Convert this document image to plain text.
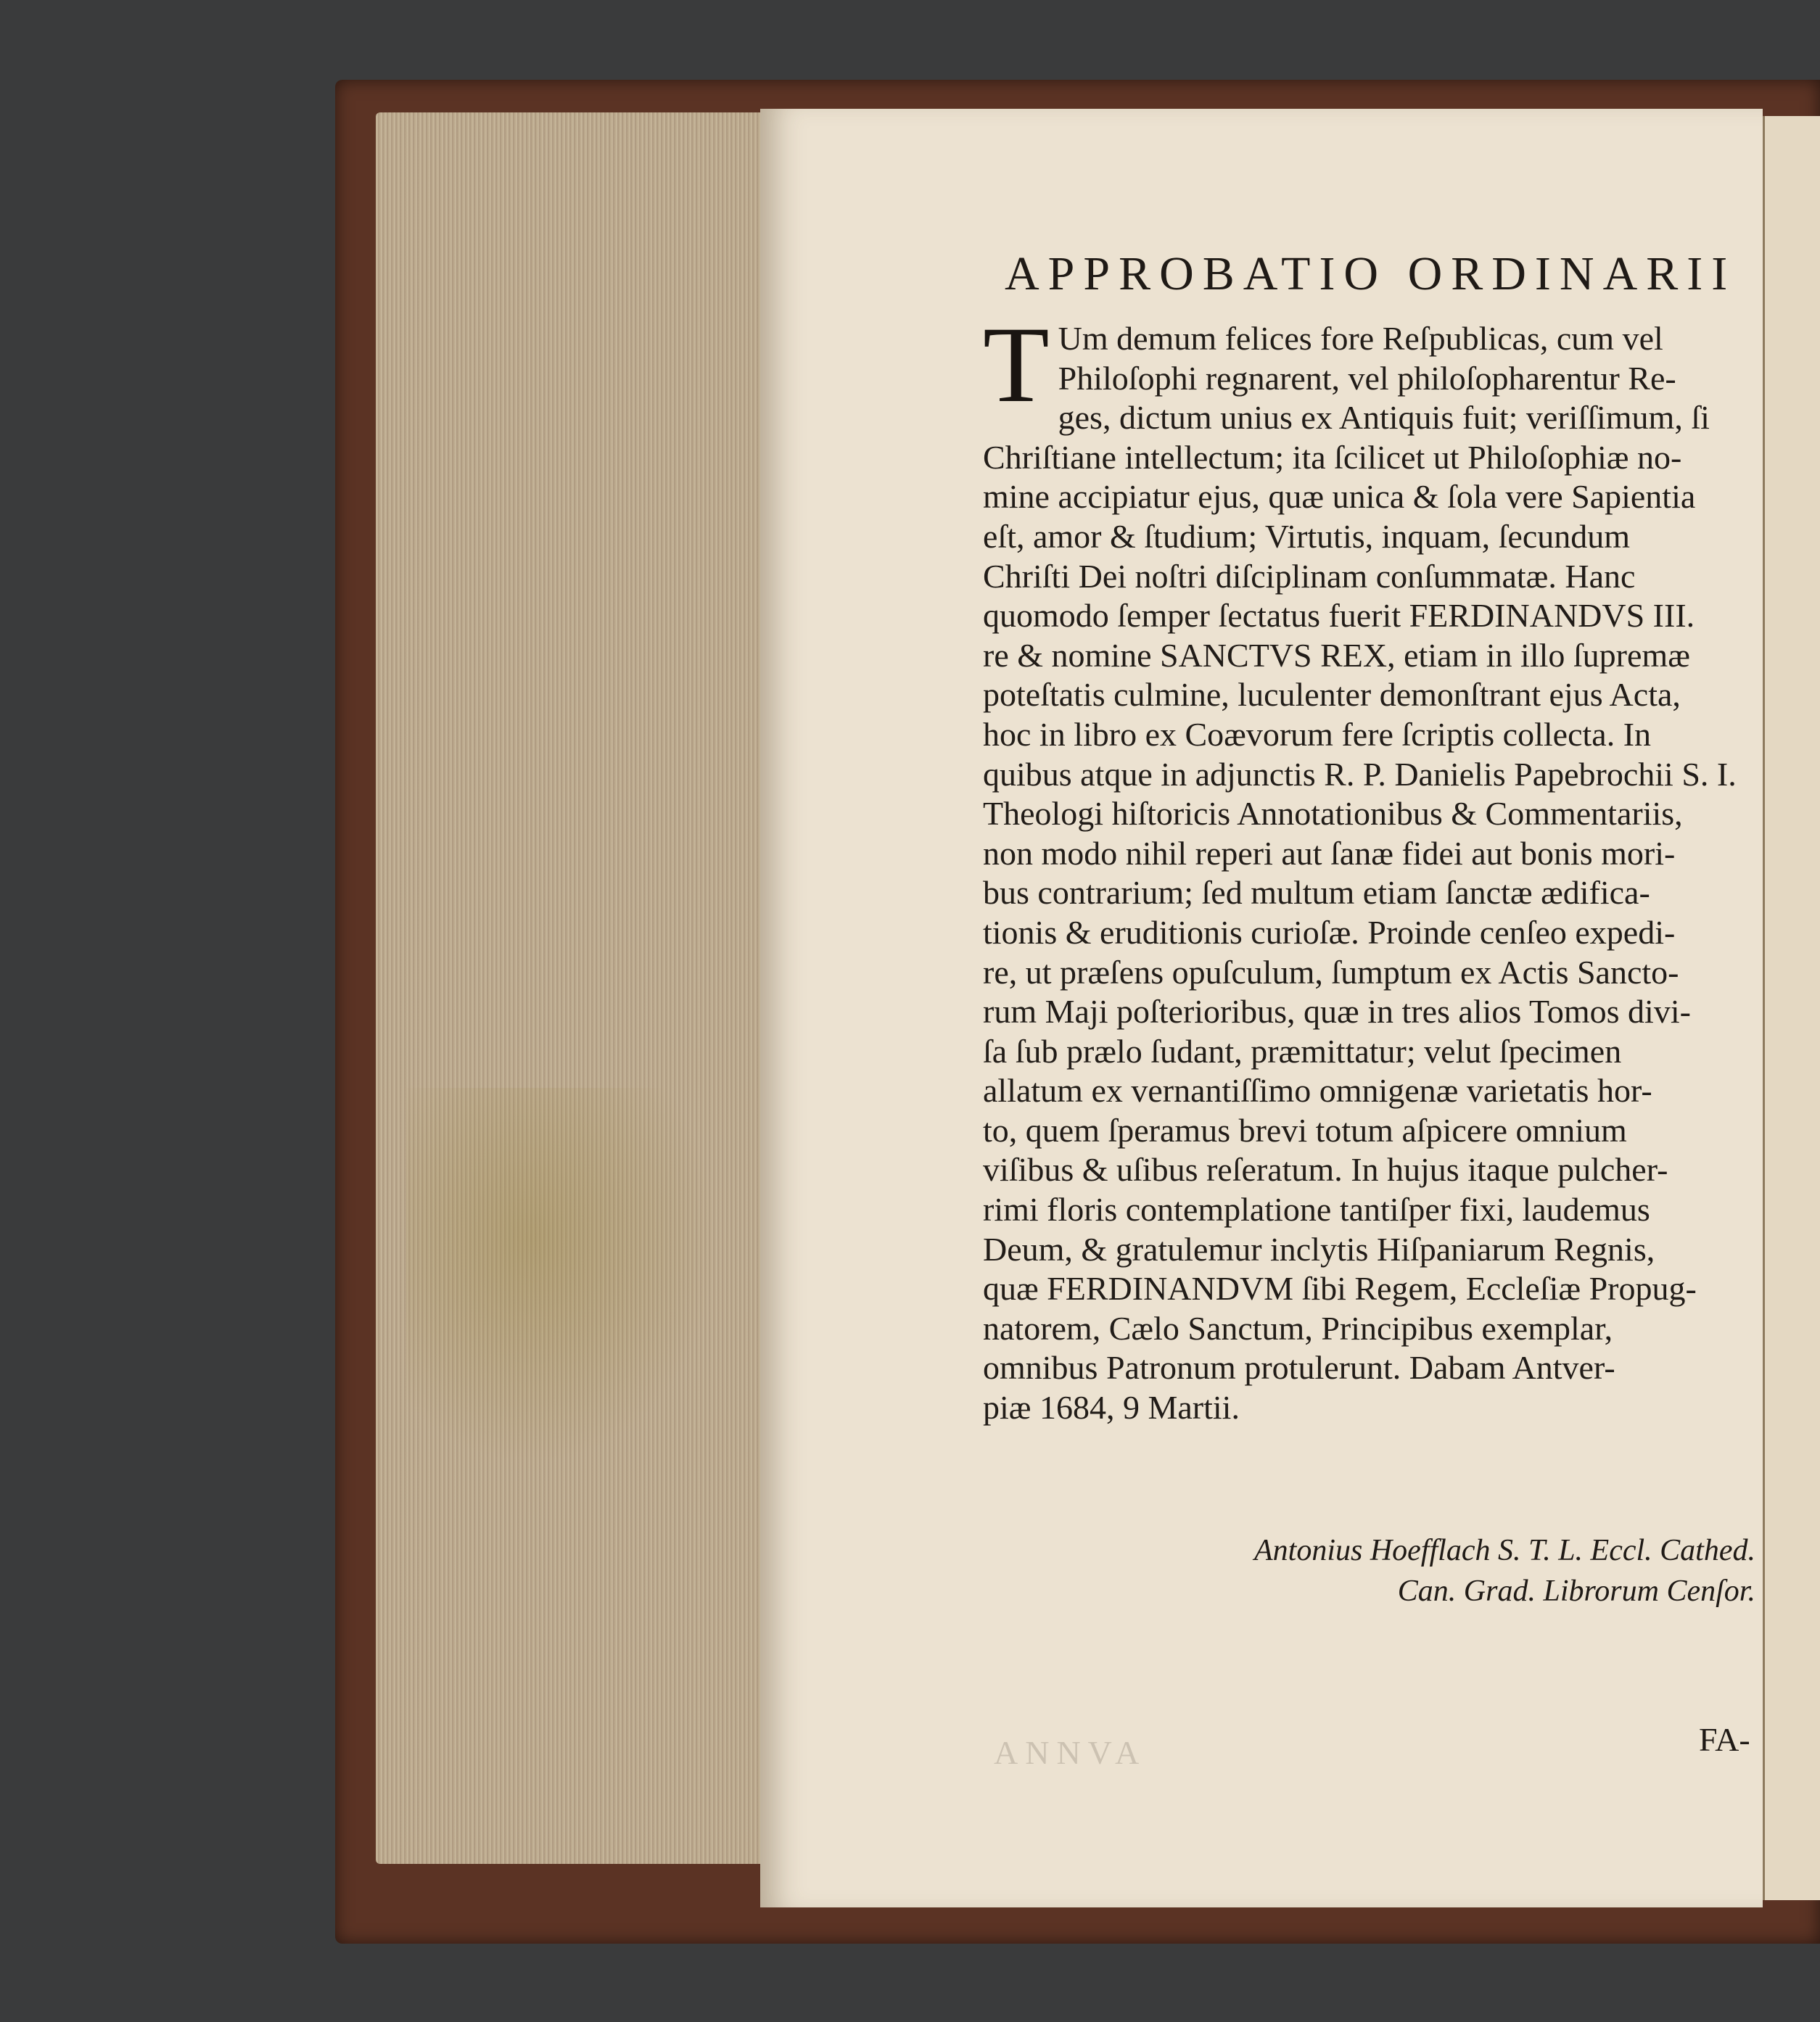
ANNVA
APPROBATIO ORDINARII
T Um demum felices fore Reſpublicas, cum vel
Philoſophi regnarent, vel philoſopharentur Re-
ges, dictum unius ex Antiquis fuit; veriſſimum, ſi
Chriſtiane intellectum; ita ſcilicet ut Philoſophiæ no-
mine accipiatur ejus, quæ unica & ſola vere Sapientia
eſt, amor & ſtudium; Virtutis, inquam, ſecundum
Chriſti Dei noſtri diſciplinam conſummatæ. Hanc
quomodo ſemper ſectatus fuerit FERDINANDVS III.
re & nomine SANCTVS REX, etiam in illo ſupremæ
poteſtatis culmine, luculenter demonſtrant ejus Acta,
hoc in libro ex Coævorum fere ſcriptis collecta. In
quibus atque in adjunctis R. P. Danielis Papebrochii S. I.
Theologi hiſtoricis Annotationibus & Commentariis,
non modo nihil reperi aut ſanæ fidei aut bonis mori-
bus contrarium; ſed multum etiam ſanctæ ædifica-
tionis & eruditionis curioſæ. Proinde cenſeo expedi-
re, ut præſens opuſculum, ſumptum ex Actis Sancto-
rum Maji poſterioribus, quæ in tres alios Tomos divi-
ſa ſub prælo ſudant, præmittatur; velut ſpecimen
allatum ex vernantiſſimo omnigenæ varietatis hor-
to, quem ſperamus brevi totum aſpicere omnium
viſibus & uſibus reſeratum. In hujus itaque pulcher-
rimi floris contemplatione tantiſper fixi, laudemus
Deum, & gratulemur inclytis Hiſpaniarum Regnis,
quæ FERDINANDVM ſibi Regem, Eccleſiæ Propug-
natorem, Cælo Sanctum, Principibus exemplar,
omnibus Patronum protulerunt. Dabam Antver-
piæ 1684, 9 Martii.
Antonius Hoefflach S. T. L. Eccl. Cathed.
Can. Grad. Librorum Cenſor.
FA-
